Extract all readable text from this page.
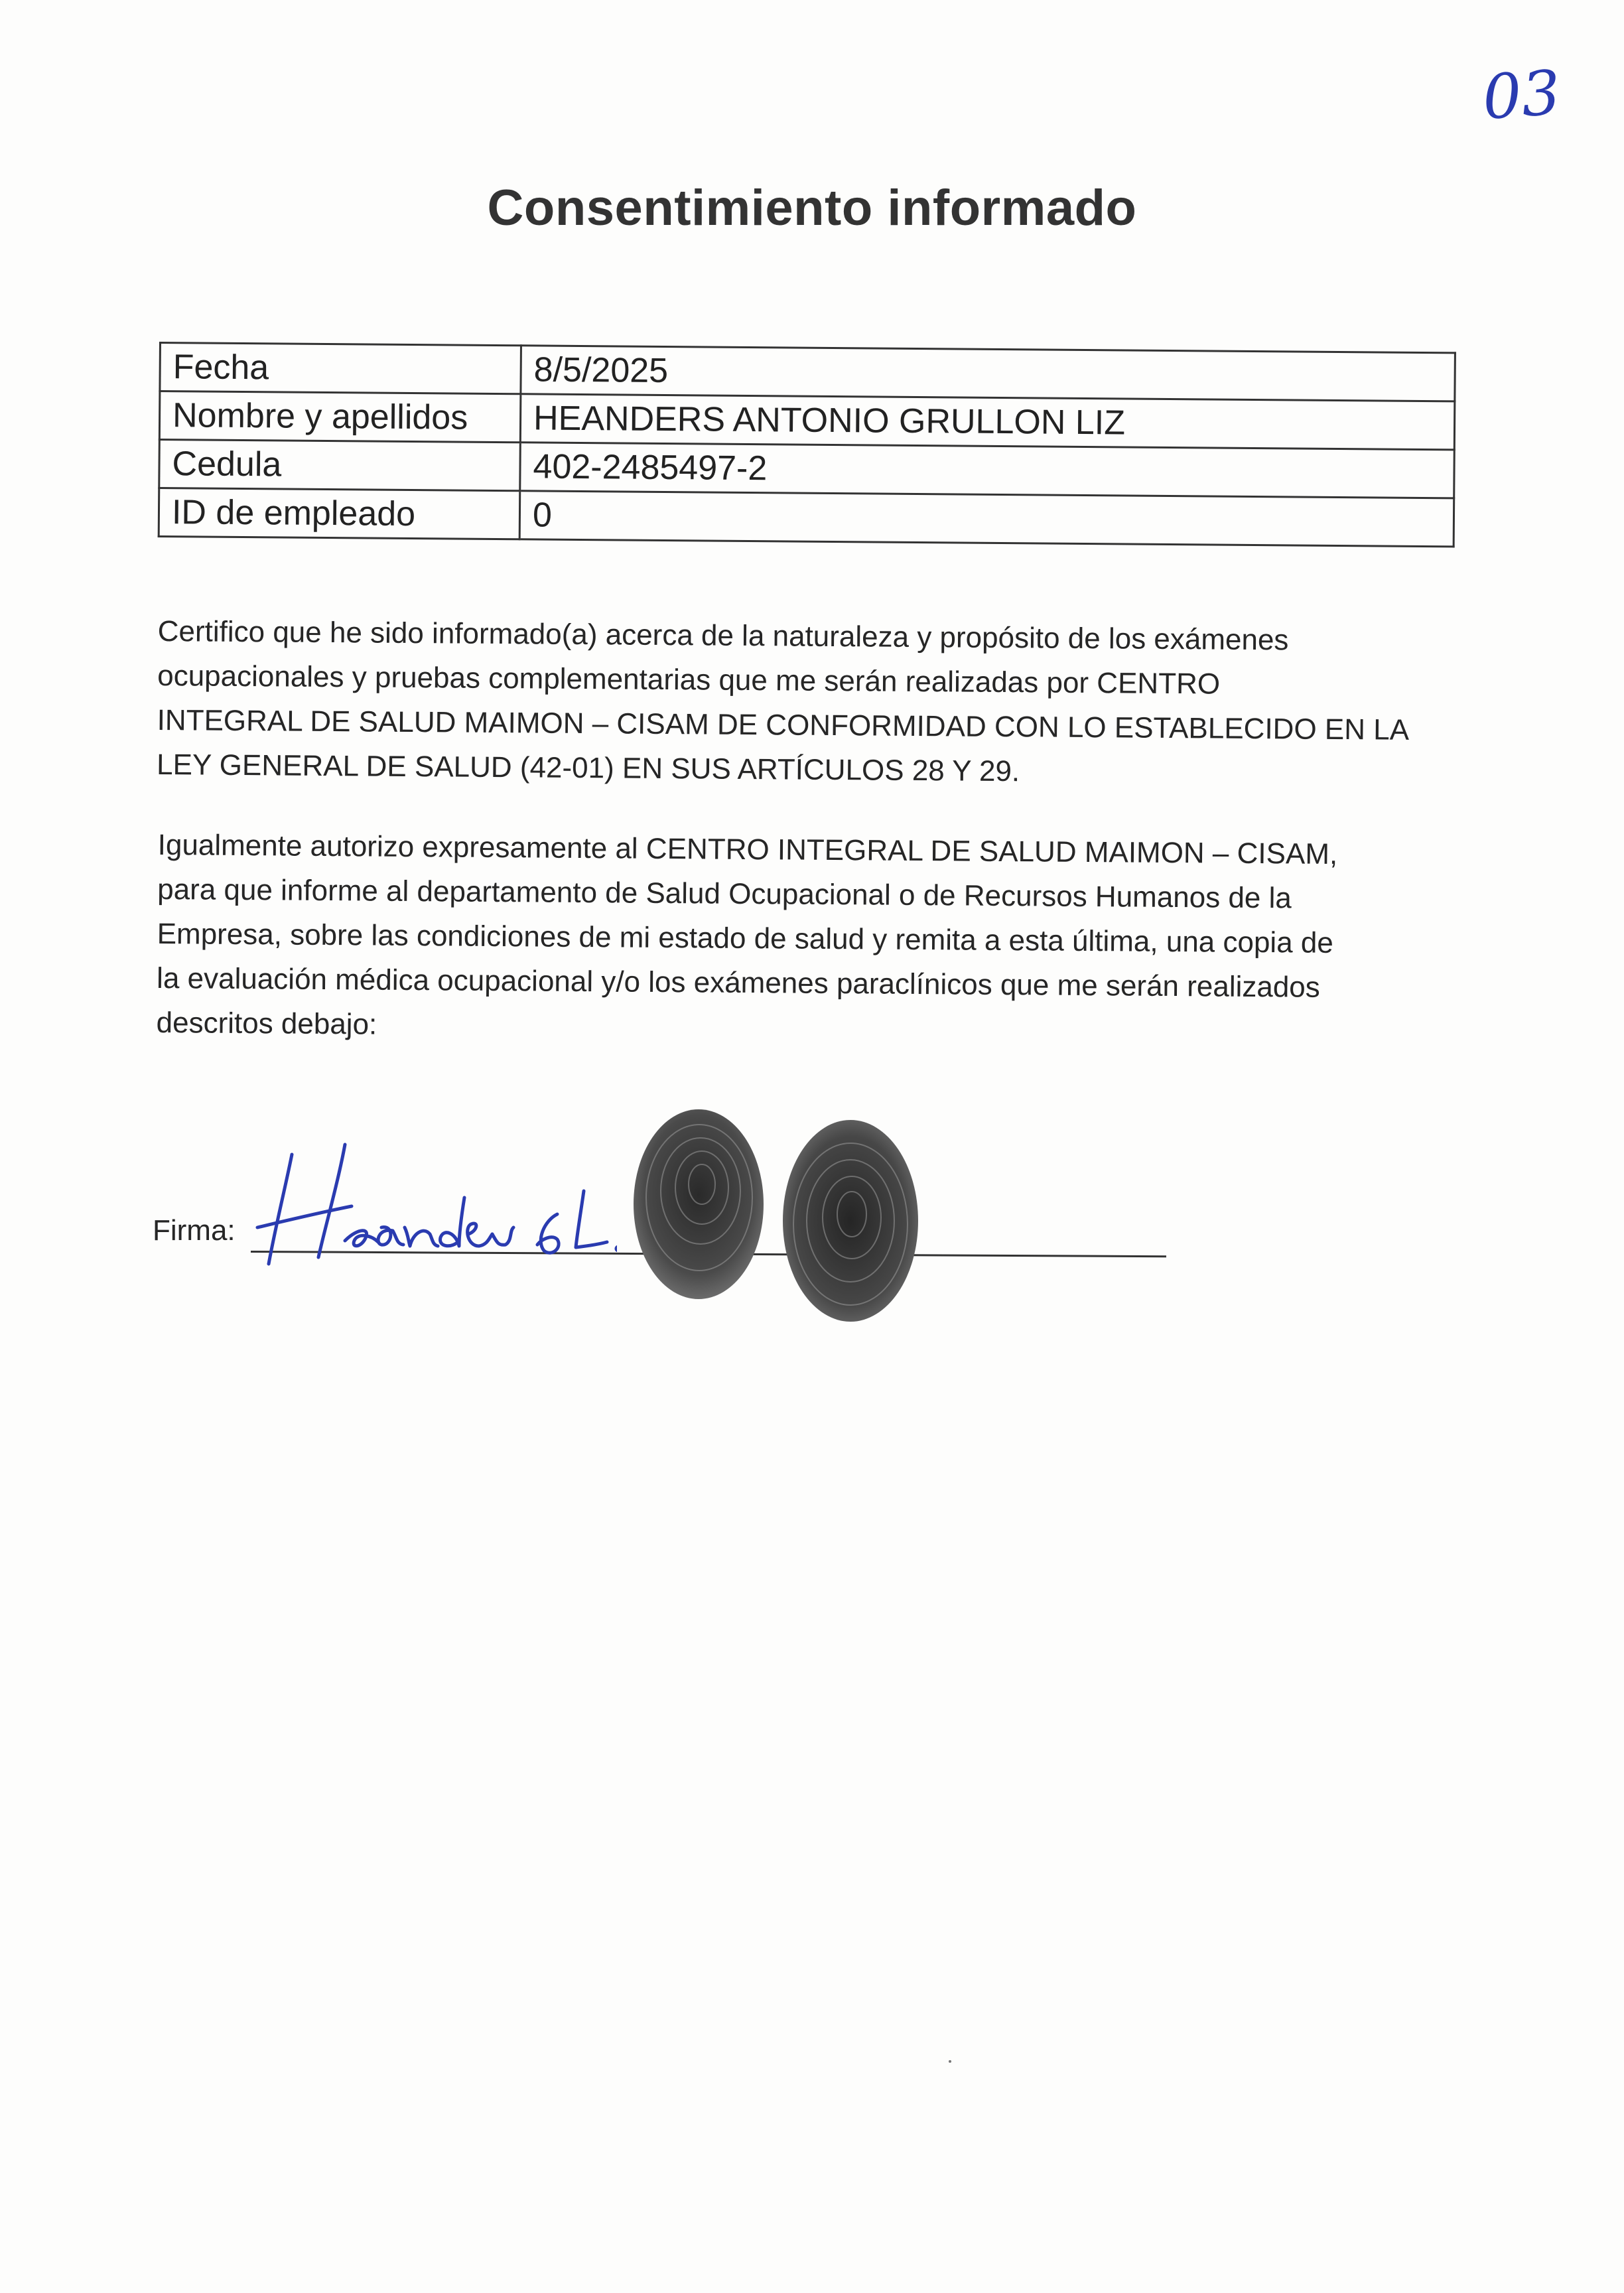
03
Consentimiento informado
Fecha	8/5/2025
Nombre y apellidos	HEANDERS ANTONIO GRULLON LIZ
Cedula	402-2485497-2
ID de empleado	0
Certifico que he sido informado(a) acerca de la naturaleza y propósito de los exámenes
ocupacionales y pruebas complementarias que me serán realizadas por CENTRO
INTEGRAL DE SALUD MAIMON – CISAM DE CONFORMIDAD CON LO ESTABLECIDO EN LA
LEY GENERAL DE SALUD (42-01) EN SUS ARTÍCULOS 28 Y 29.
Igualmente autorizo expresamente al CENTRO INTEGRAL DE SALUD MAIMON – CISAM,
para que informe al departamento de Salud Ocupacional o de Recursos Humanos de la
Empresa, sobre las condiciones de mi estado de salud y remita a esta última, una copia de
la evaluación médica ocupacional y/o los exámenes paraclínicos que me serán realizados
descritos debajo:
Firma:
